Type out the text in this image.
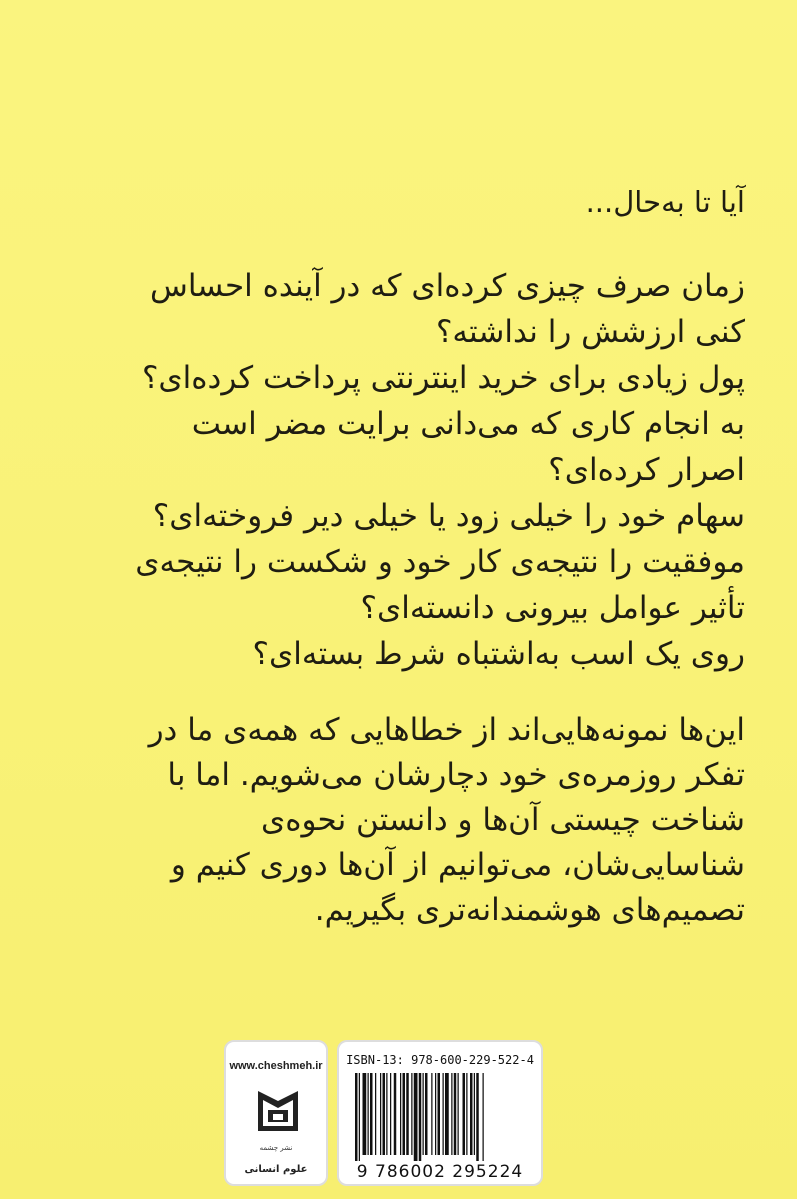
آیا تا به‌حال...
زمان صرف چیزی کرده‌ای که در آینده احساس
کنی ارزشش را نداشته؟
پول زیادی برای خرید اینترنتی پرداخت کرده‌ای؟
به انجام کاری که می‌دانی برایت مضر است
اصرار کرده‌ای؟
سهام خود را خیلی زود یا خیلی دیر فروخته‌ای؟
موفقیت را نتیجه‌ی کار خود و شکست را نتیجه‌ی
تأثیر عوامل بیرونی دانسته‌ای؟
روی یک اسب به‌اشتباه شرط بسته‌ای؟
این‌ها نمونه‌هایی‌اند از خطاهایی که همه‌ی ما در
تفکر روزمره‌ی خود دچارشان می‌شویم. اما با
شناخت چیستی آن‌ها و دانستن نحوه‌ی
شناسایی‌شان، می‌توانیم از آن‌ها دوری کنیم و
تصمیم‌های هوشمندانه‌تری بگیریم.
www.cheshmeh.ir
نشر چشمه
علوم انسانی
ISBN-13: 978-600-229-522-4
9 786002 295224
